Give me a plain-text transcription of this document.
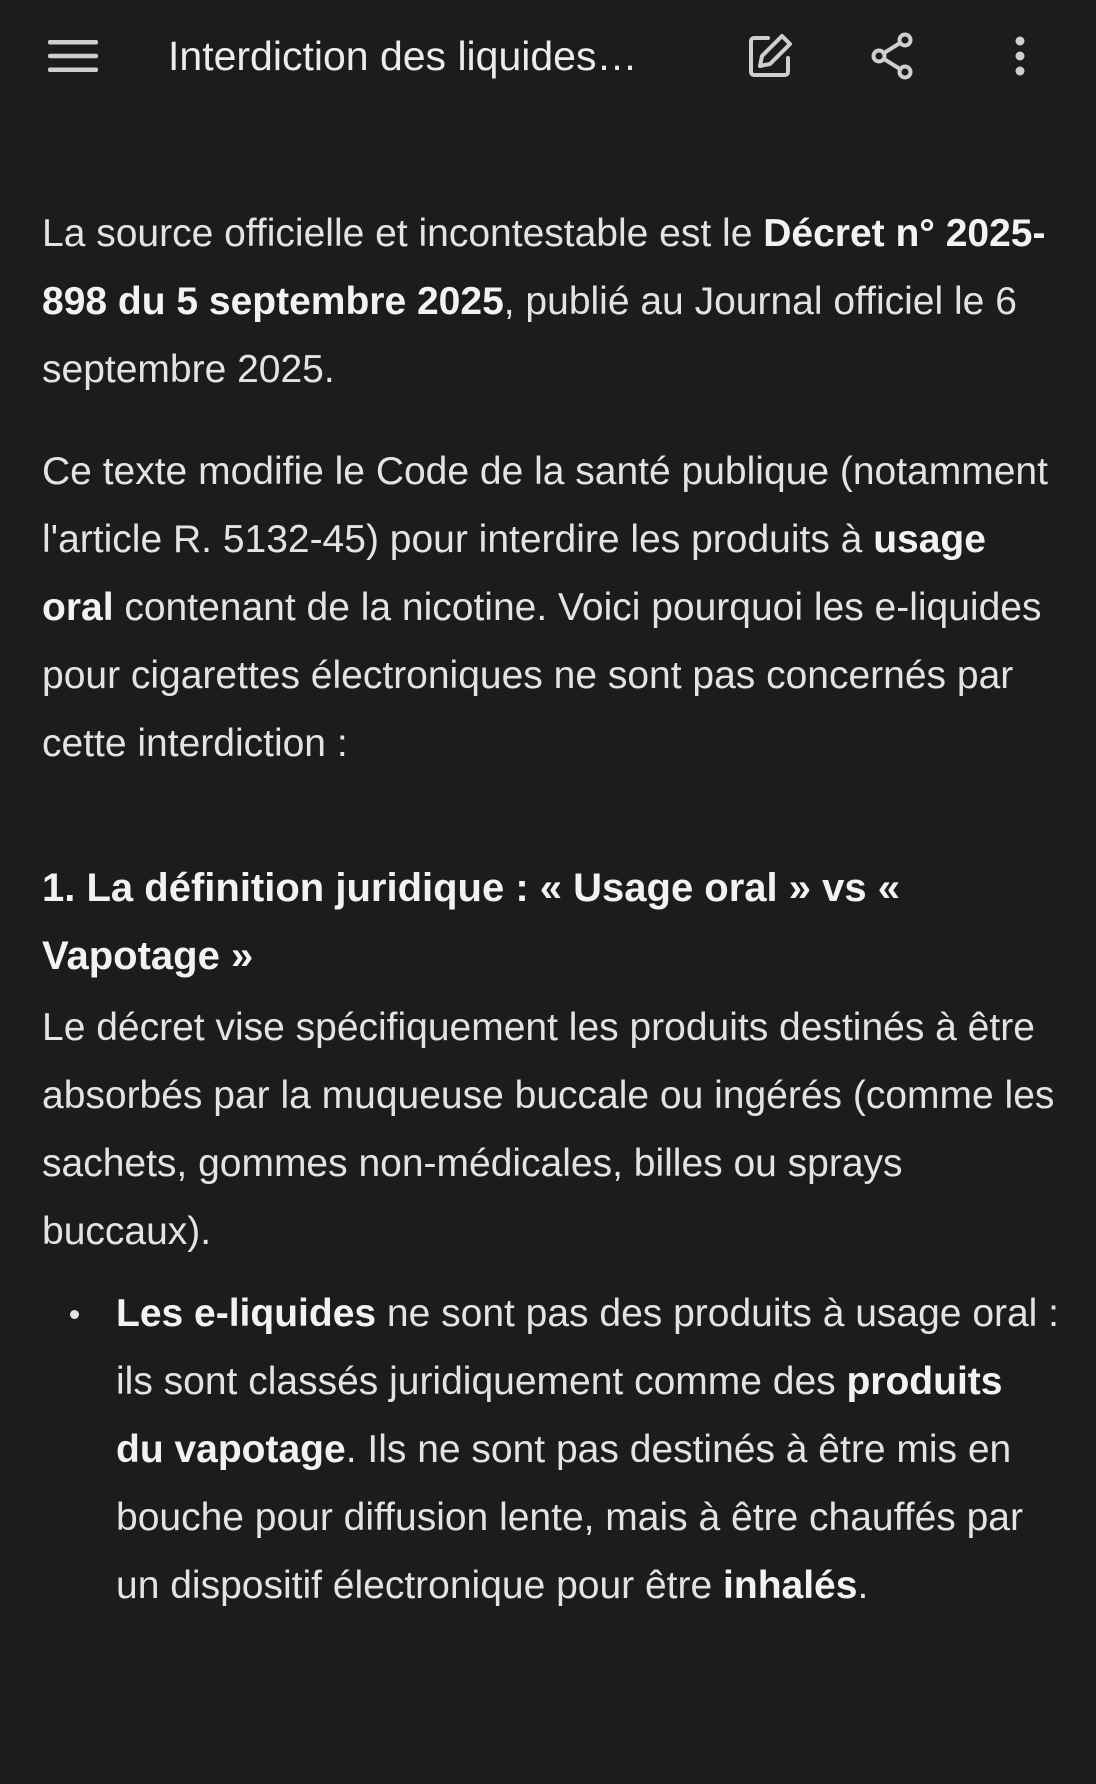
Interdiction des liquides…

La source officielle et incontestable est le Décret n° 2025-898 du 5 septembre 2025, publié au Journal officiel le 6 septembre 2025.

Ce texte modifie le Code de la santé publique (notamment l'article R. 5132-45) pour interdire les produits à usage oral contenant de la nicotine. Voici pourquoi les e-liquides pour cigarettes électroniques ne sont pas concernés par cette interdiction :

1. La définition juridique : « Usage oral » vs « Vapotage »

Le décret vise spécifiquement les produits destinés à être absorbés par la muqueuse buccale ou ingérés (comme les sachets, gommes non-médicales, billes ou sprays buccaux).

Les e-liquides ne sont pas des produits à usage oral : ils sont classés juridiquement comme des produits du vapotage. Ils ne sont pas destinés à être mis en bouche pour diffusion lente, mais à être chauffés par un dispositif électronique pour être inhalés.
